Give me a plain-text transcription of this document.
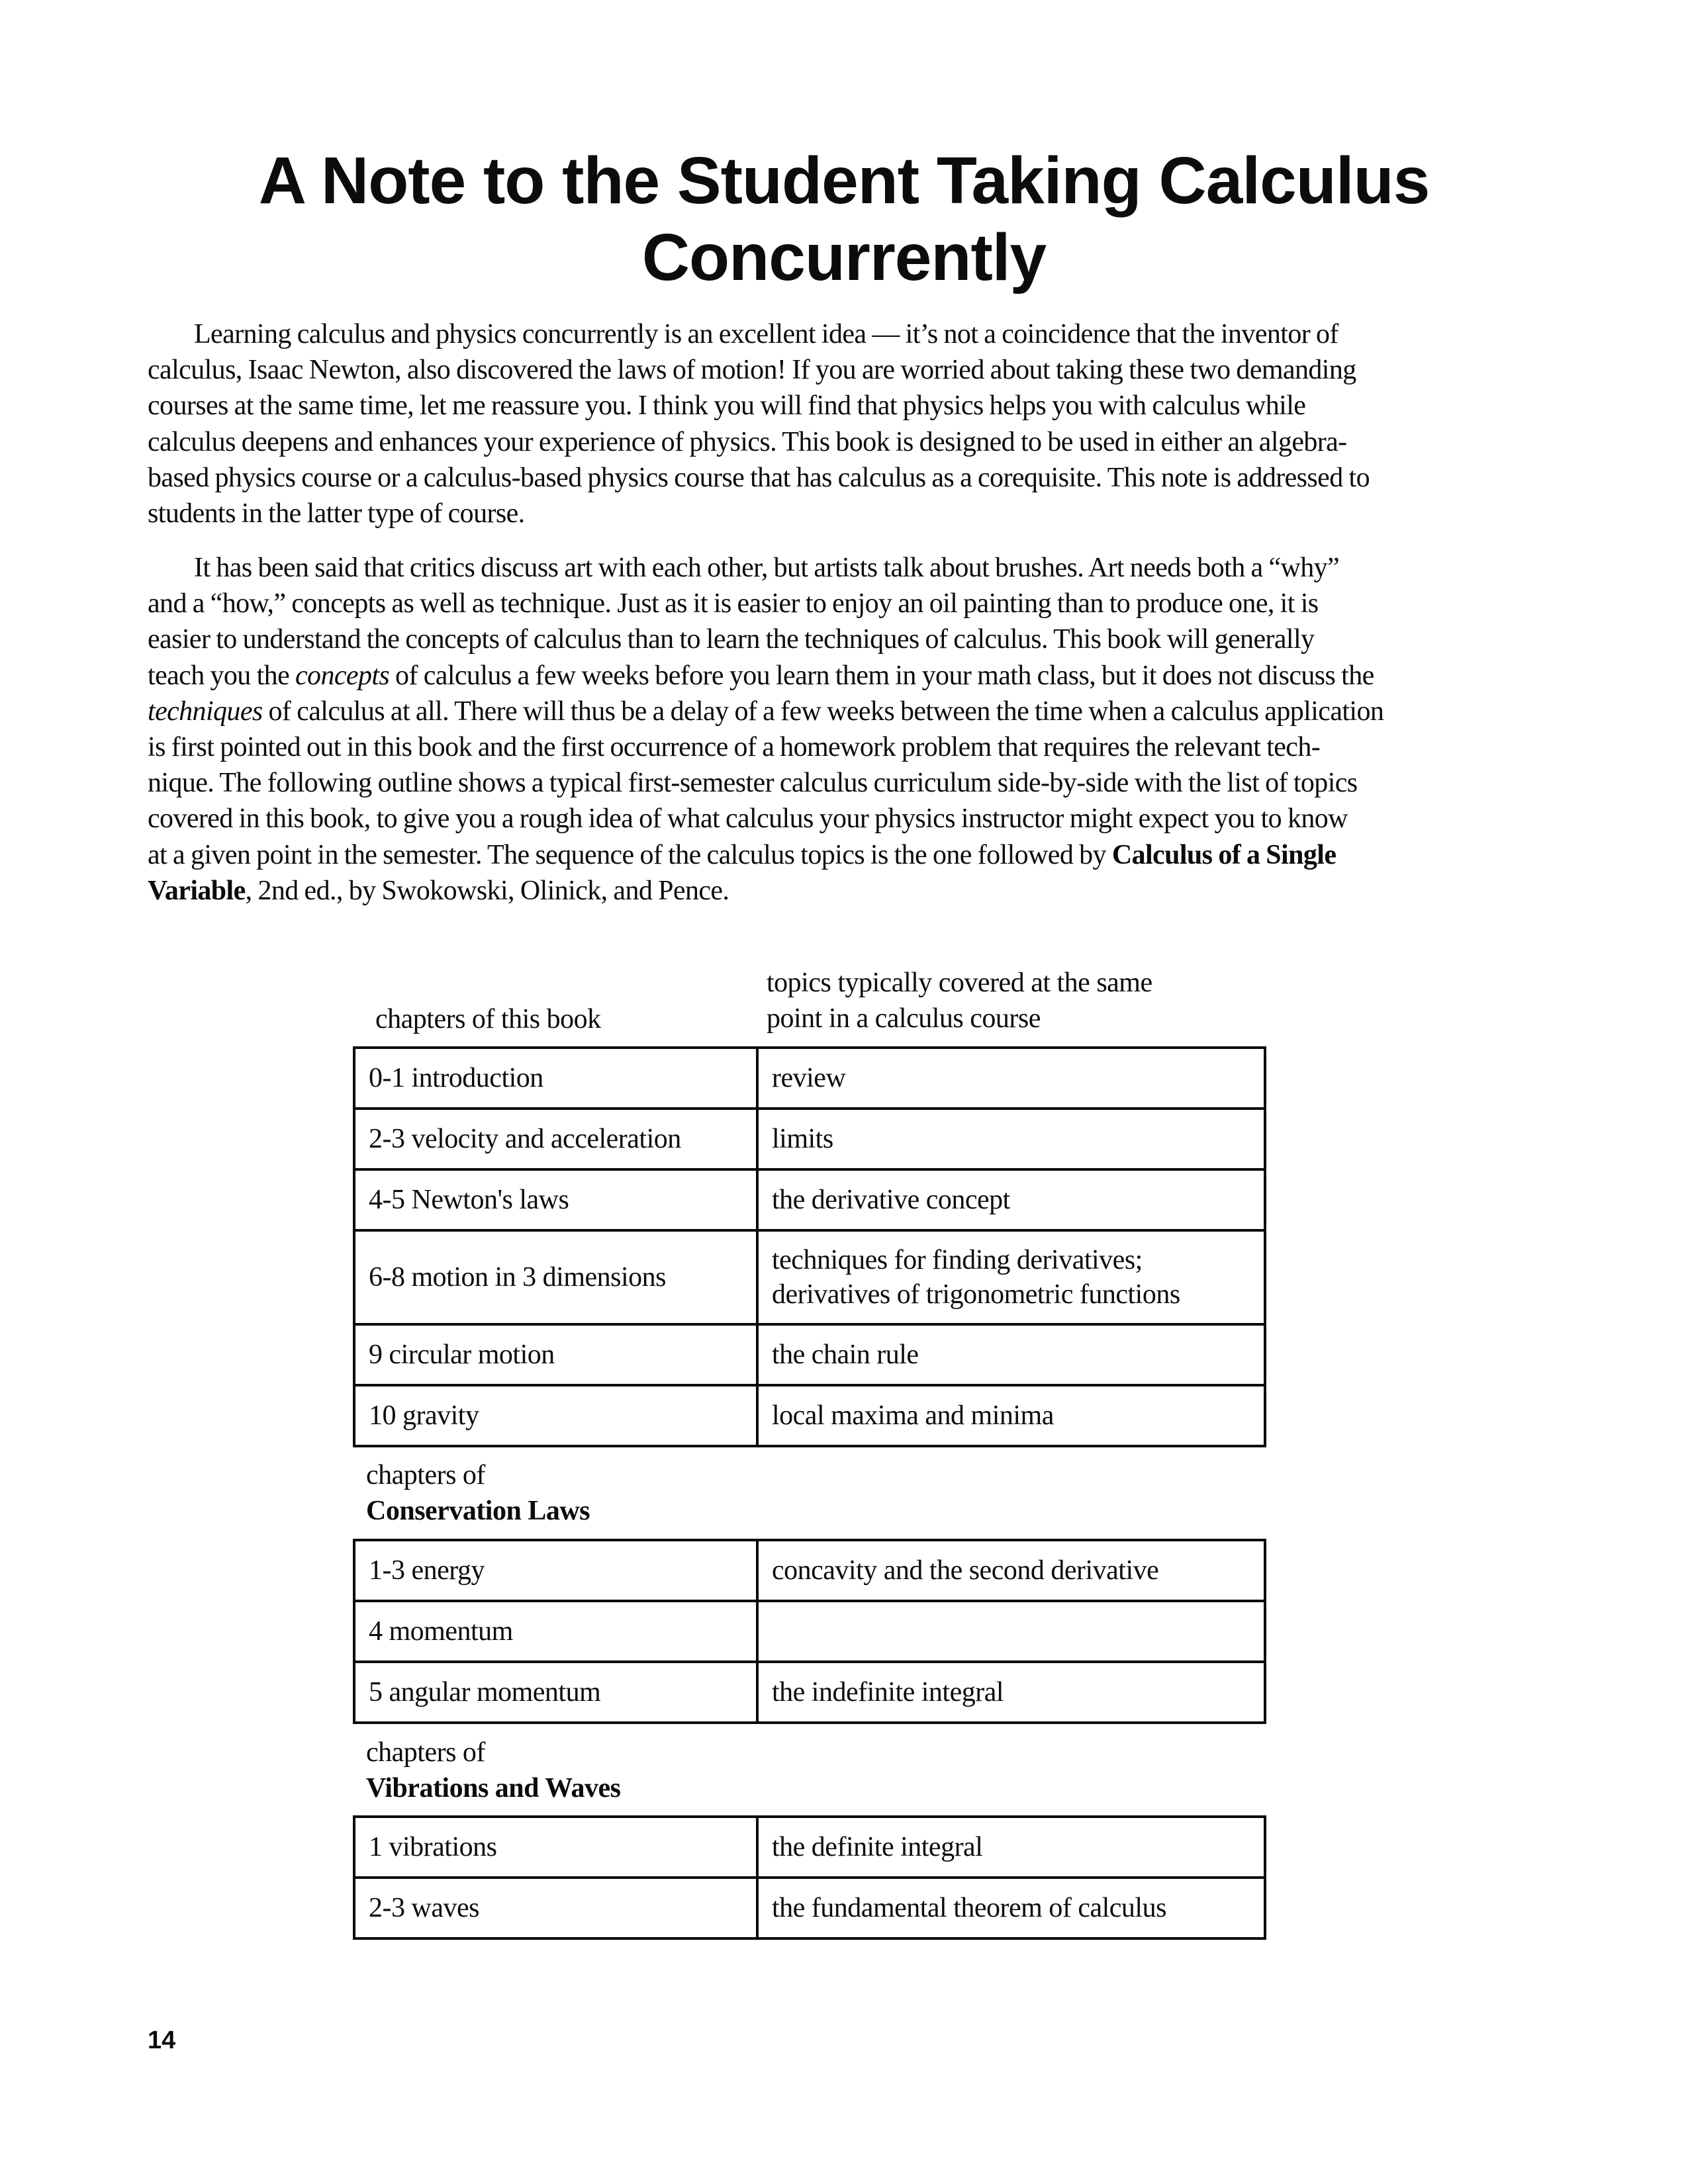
A Note to the Student Taking Calculus
Concurrently
Learning calculus and physics concurrently is an excellent idea — it’s not a coincidence that the inventor of
calculus, Isaac Newton, also discovered the laws of motion! If you are worried about taking these two demanding
courses at the same time, let me reassure you. I think you will find that physics helps you with calculus while
calculus deepens and enhances your experience of physics. This book is designed to be used in either an algebra-
based physics course or a calculus-based physics course that has calculus as a corequisite. This note is addressed to
students in the latter type of course.
It has been said that critics discuss art with each other, but artists talk about brushes. Art needs both a “why”
and a “how,” concepts as well as technique. Just as it is easier to enjoy an oil painting than to produce one, it is
easier to understand the concepts of calculus than to learn the techniques of calculus. This book will generally
teach you the concepts of calculus a few weeks before you learn them in your math class, but it does not discuss the
techniques of calculus at all. There will thus be a delay of a few weeks between the time when a calculus application
is first pointed out in this book and the first occurrence of a homework problem that requires the relevant tech-
nique. The following outline shows a typical first-semester calculus curriculum side-by-side with the list of topics
covered in this book, to give you a rough idea of what calculus your physics instructor might expect you to know
at a given point in the semester. The sequence of the calculus topics is the one followed by Calculus of a Single
Variable, 2nd ed., by Swokowski, Olinick, and Pence.
chapters of this book
topics typically covered at the same
point in a calculus course
0-1 introduction	review

2-3 velocity and acceleration	limits

4-5 Newton's laws	the derivative concept

6-8 motion in 3 dimensions	techniques for finding derivatives;
derivatives of trigonometric functions

9 circular motion	the chain rule

10 gravity	local maxima and minima
chapters of
Conservation Laws
1-3 energy	concavity and the second derivative

4 momentum	

5 angular momentum	the indefinite integral
chapters of
Vibrations and Waves
1 vibrations	the definite integral

2-3 waves	the fundamental theorem of calculus
14
